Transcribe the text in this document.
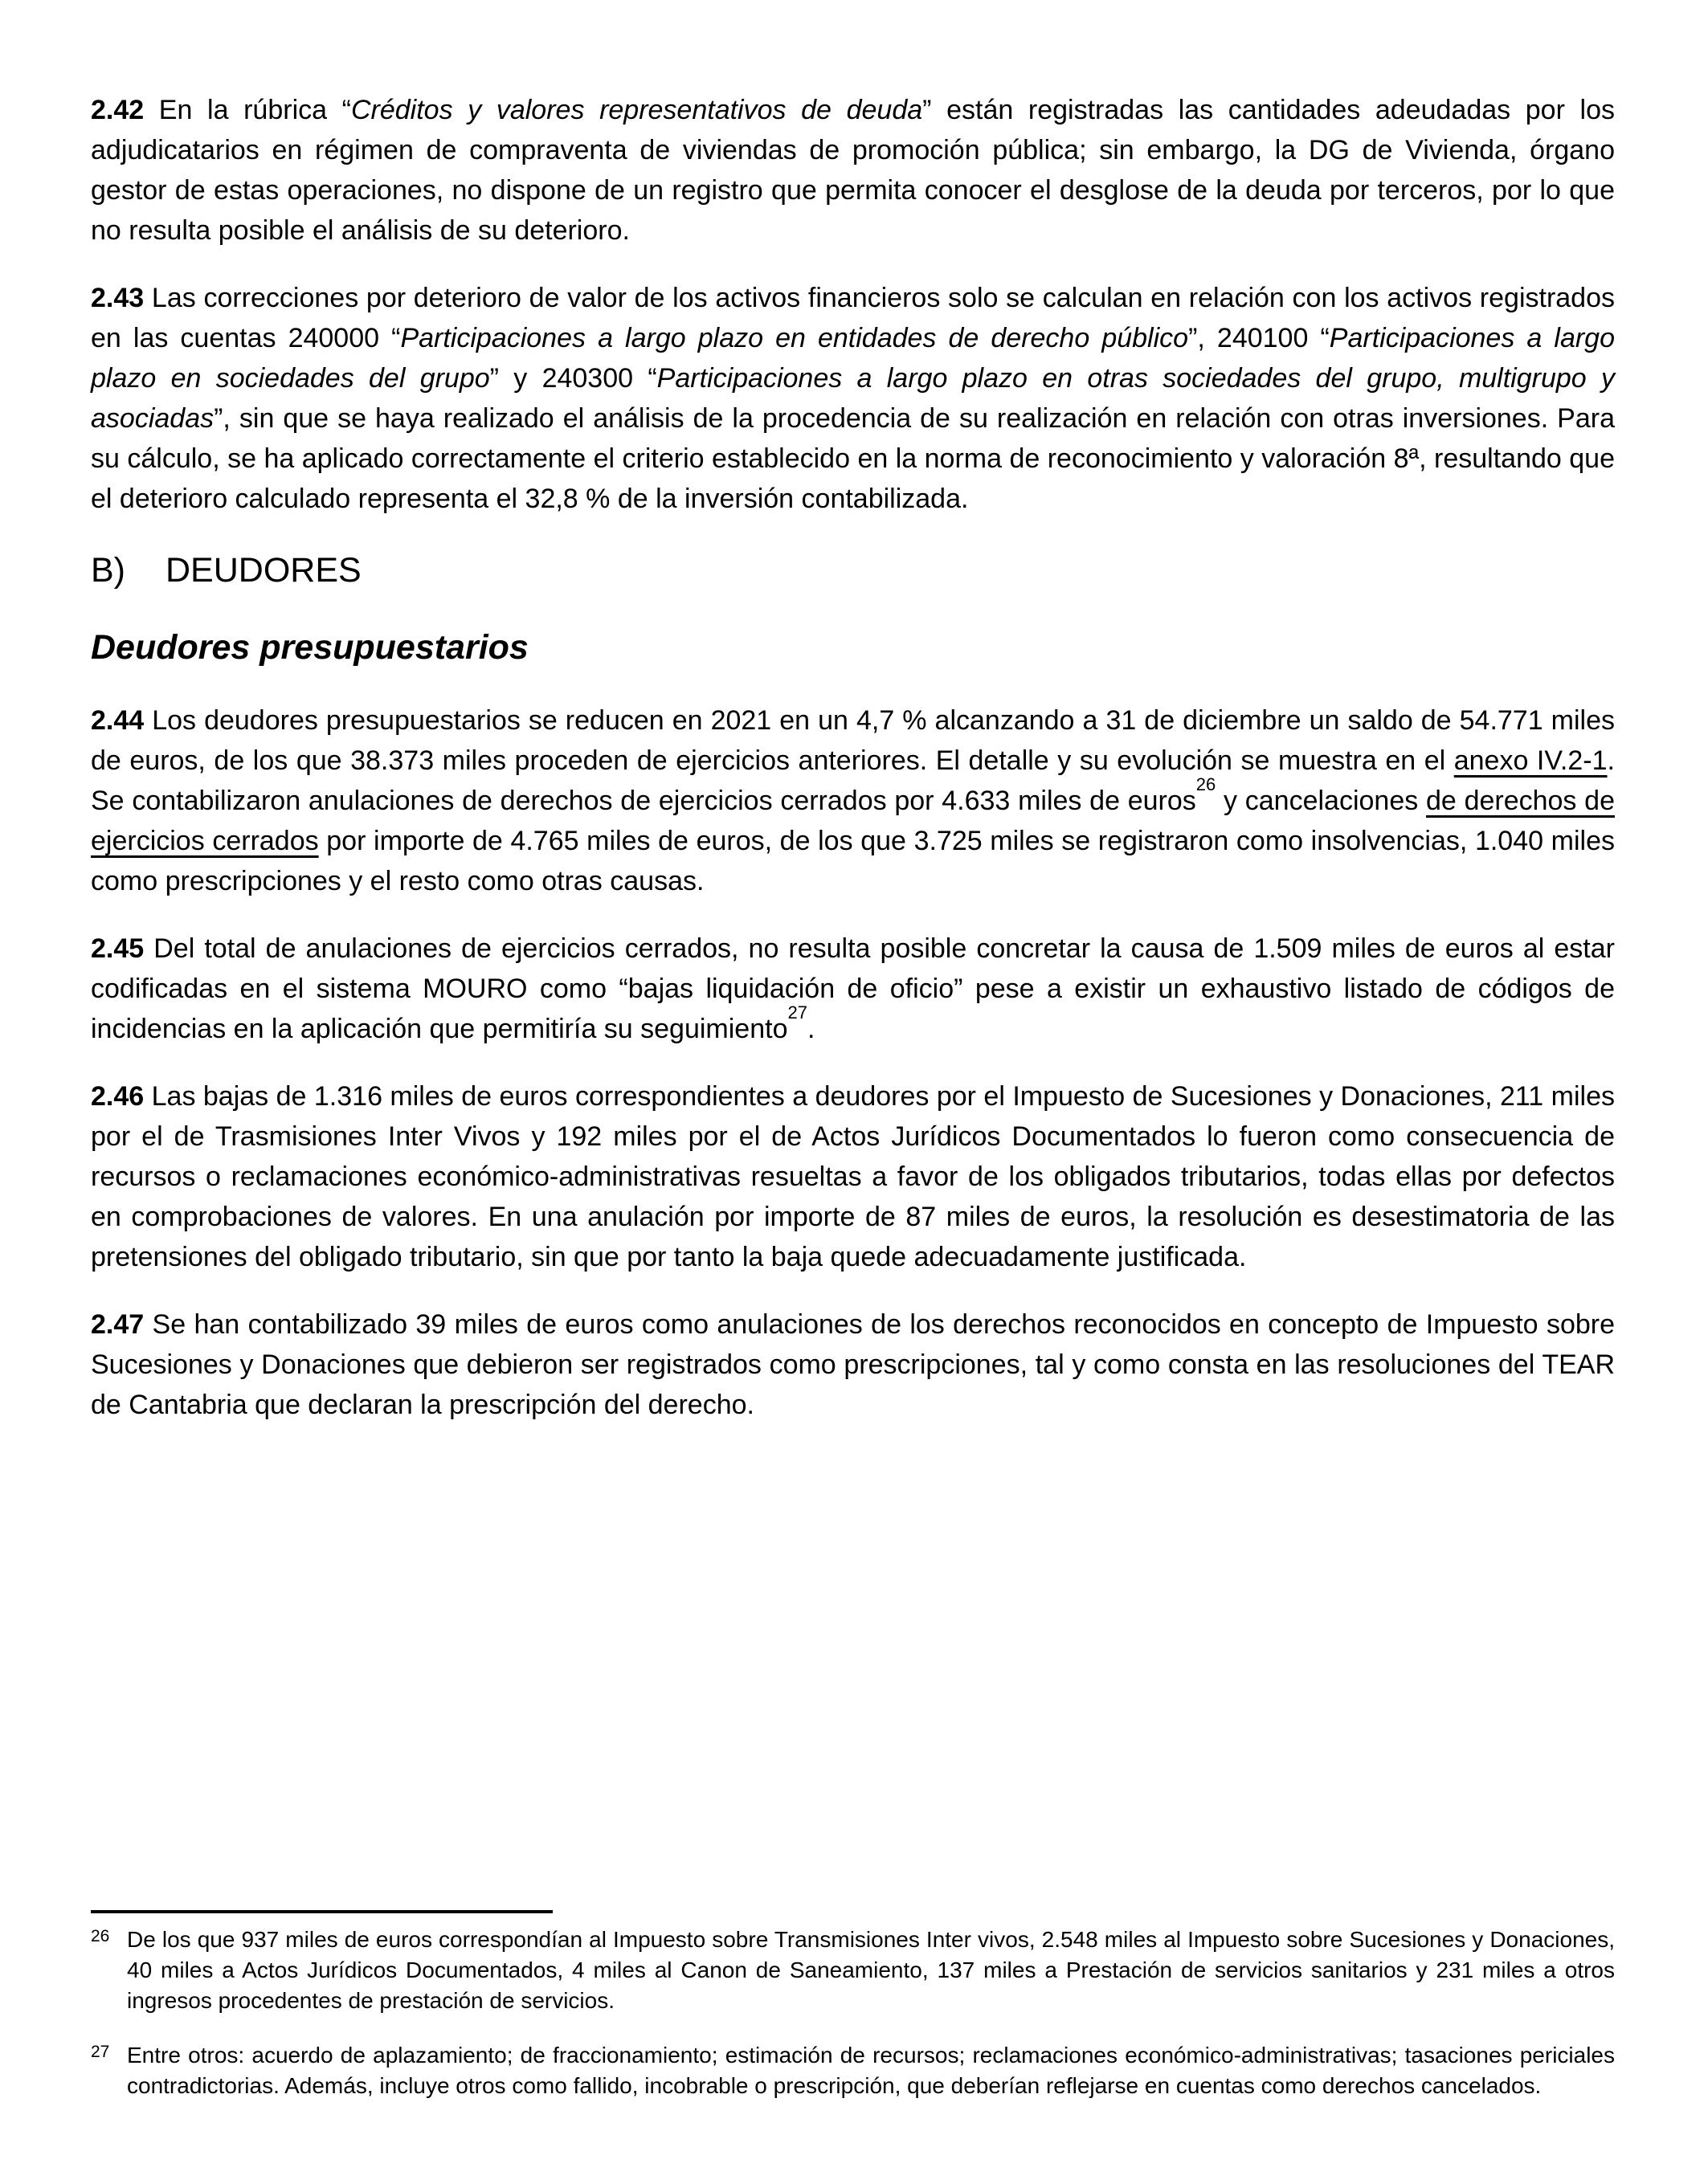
2.42 En la rúbrica “Créditos y valores representativos de deuda” están registradas las cantidades adeudadas por los adjudicatarios en régimen de compraventa de viviendas de promoción pública; sin embargo, la DG de Vivienda, órgano gestor de estas operaciones, no dispone de un registro que permita conocer el desglose de la deuda por terceros, por lo que no resulta posible el análisis de su deterioro.

2.43 Las correcciones por deterioro de valor de los activos financieros solo se calculan en relación con los activos registrados en las cuentas 240000 “Participaciones a largo plazo en entidades de derecho público”, 240100 “Participaciones a largo plazo en sociedades del grupo” y 240300 “Participaciones a largo plazo en otras sociedades del grupo, multigrupo y asociadas”, sin que se haya realizado el análisis de la procedencia de su realización en relación con otras inversiones. Para su cálculo, se ha aplicado correctamente el criterio establecido en la norma de reconocimiento y valoración 8ª, resultando que el deterioro calculado representa el 32,8 % de la inversión contabilizada.

B) DEUDORES
Deudores presupuestarios

2.44 Los deudores presupuestarios se reducen en 2021 en un 4,7 % alcanzando a 31 de diciembre un saldo de 54.771 miles de euros, de los que 38.373 miles proceden de ejercicios anteriores. El detalle y su evolución se muestra en el anexo IV.2-1. Se contabilizaron anulaciones de derechos de ejercicios cerrados por 4.633 miles de euros$^{26}$ y cancelaciones de derechos de ejercicios cerrados por importe de 4.765 miles de euros, de los que 3.725 miles se registraron como insolvencias, 1.040 miles como prescripciones y el resto como otras causas.

2.45 Del total de anulaciones de ejercicios cerrados, no resulta posible concretar la causa de 1.509 miles de euros al estar codificadas en el sistema MOURO como “bajas liquidación de oficio” pese a existir un exhaustivo listado de códigos de incidencias en la aplicación que permitiría su seguimiento$^{27}$.

2.46 Las bajas de 1.316 miles de euros correspondientes a deudores por el Impuesto de Sucesiones y Donaciones, 211 miles por el de Trasmisiones Inter Vivos y 192 miles por el de Actos Jurídicos Documentados lo fueron como consecuencia de recursos o reclamaciones económico-administrativas resueltas a favor de los obligados tributarios, todas ellas por defectos en comprobaciones de valores. En una anulación por importe de 87 miles de euros, la resolución es desestimatoria de las pretensiones del obligado tributario, sin que por tanto la baja quede adecuadamente justificada.

2.47 Se han contabilizado 39 miles de euros como anulaciones de los derechos reconocidos en concepto de Impuesto sobre Sucesiones y Donaciones que debieron ser registrados como prescripciones, tal y como consta en las resoluciones del TEAR de Cantabria que declaran la prescripción del derecho.

26 De los que 937 miles de euros correspondían al Impuesto sobre Transmisiones Inter vivos, 2.548 miles al Impuesto sobre Sucesiones y Donaciones, 40 miles a Actos Jurídicos Documentados, 4 miles al Canon de Saneamiento, 137 miles a Prestación de servicios sanitarios y 231 miles a otros ingresos procedentes de prestación de servicios.
27 Entre otros: acuerdo de aplazamiento; de fraccionamiento; estimación de recursos; reclamaciones económico-administrativas; tasaciones periciales contradictorias. Además, incluye otros como fallido, incobrable o prescripción, que deberían reflejarse en cuentas como derechos cancelados.
